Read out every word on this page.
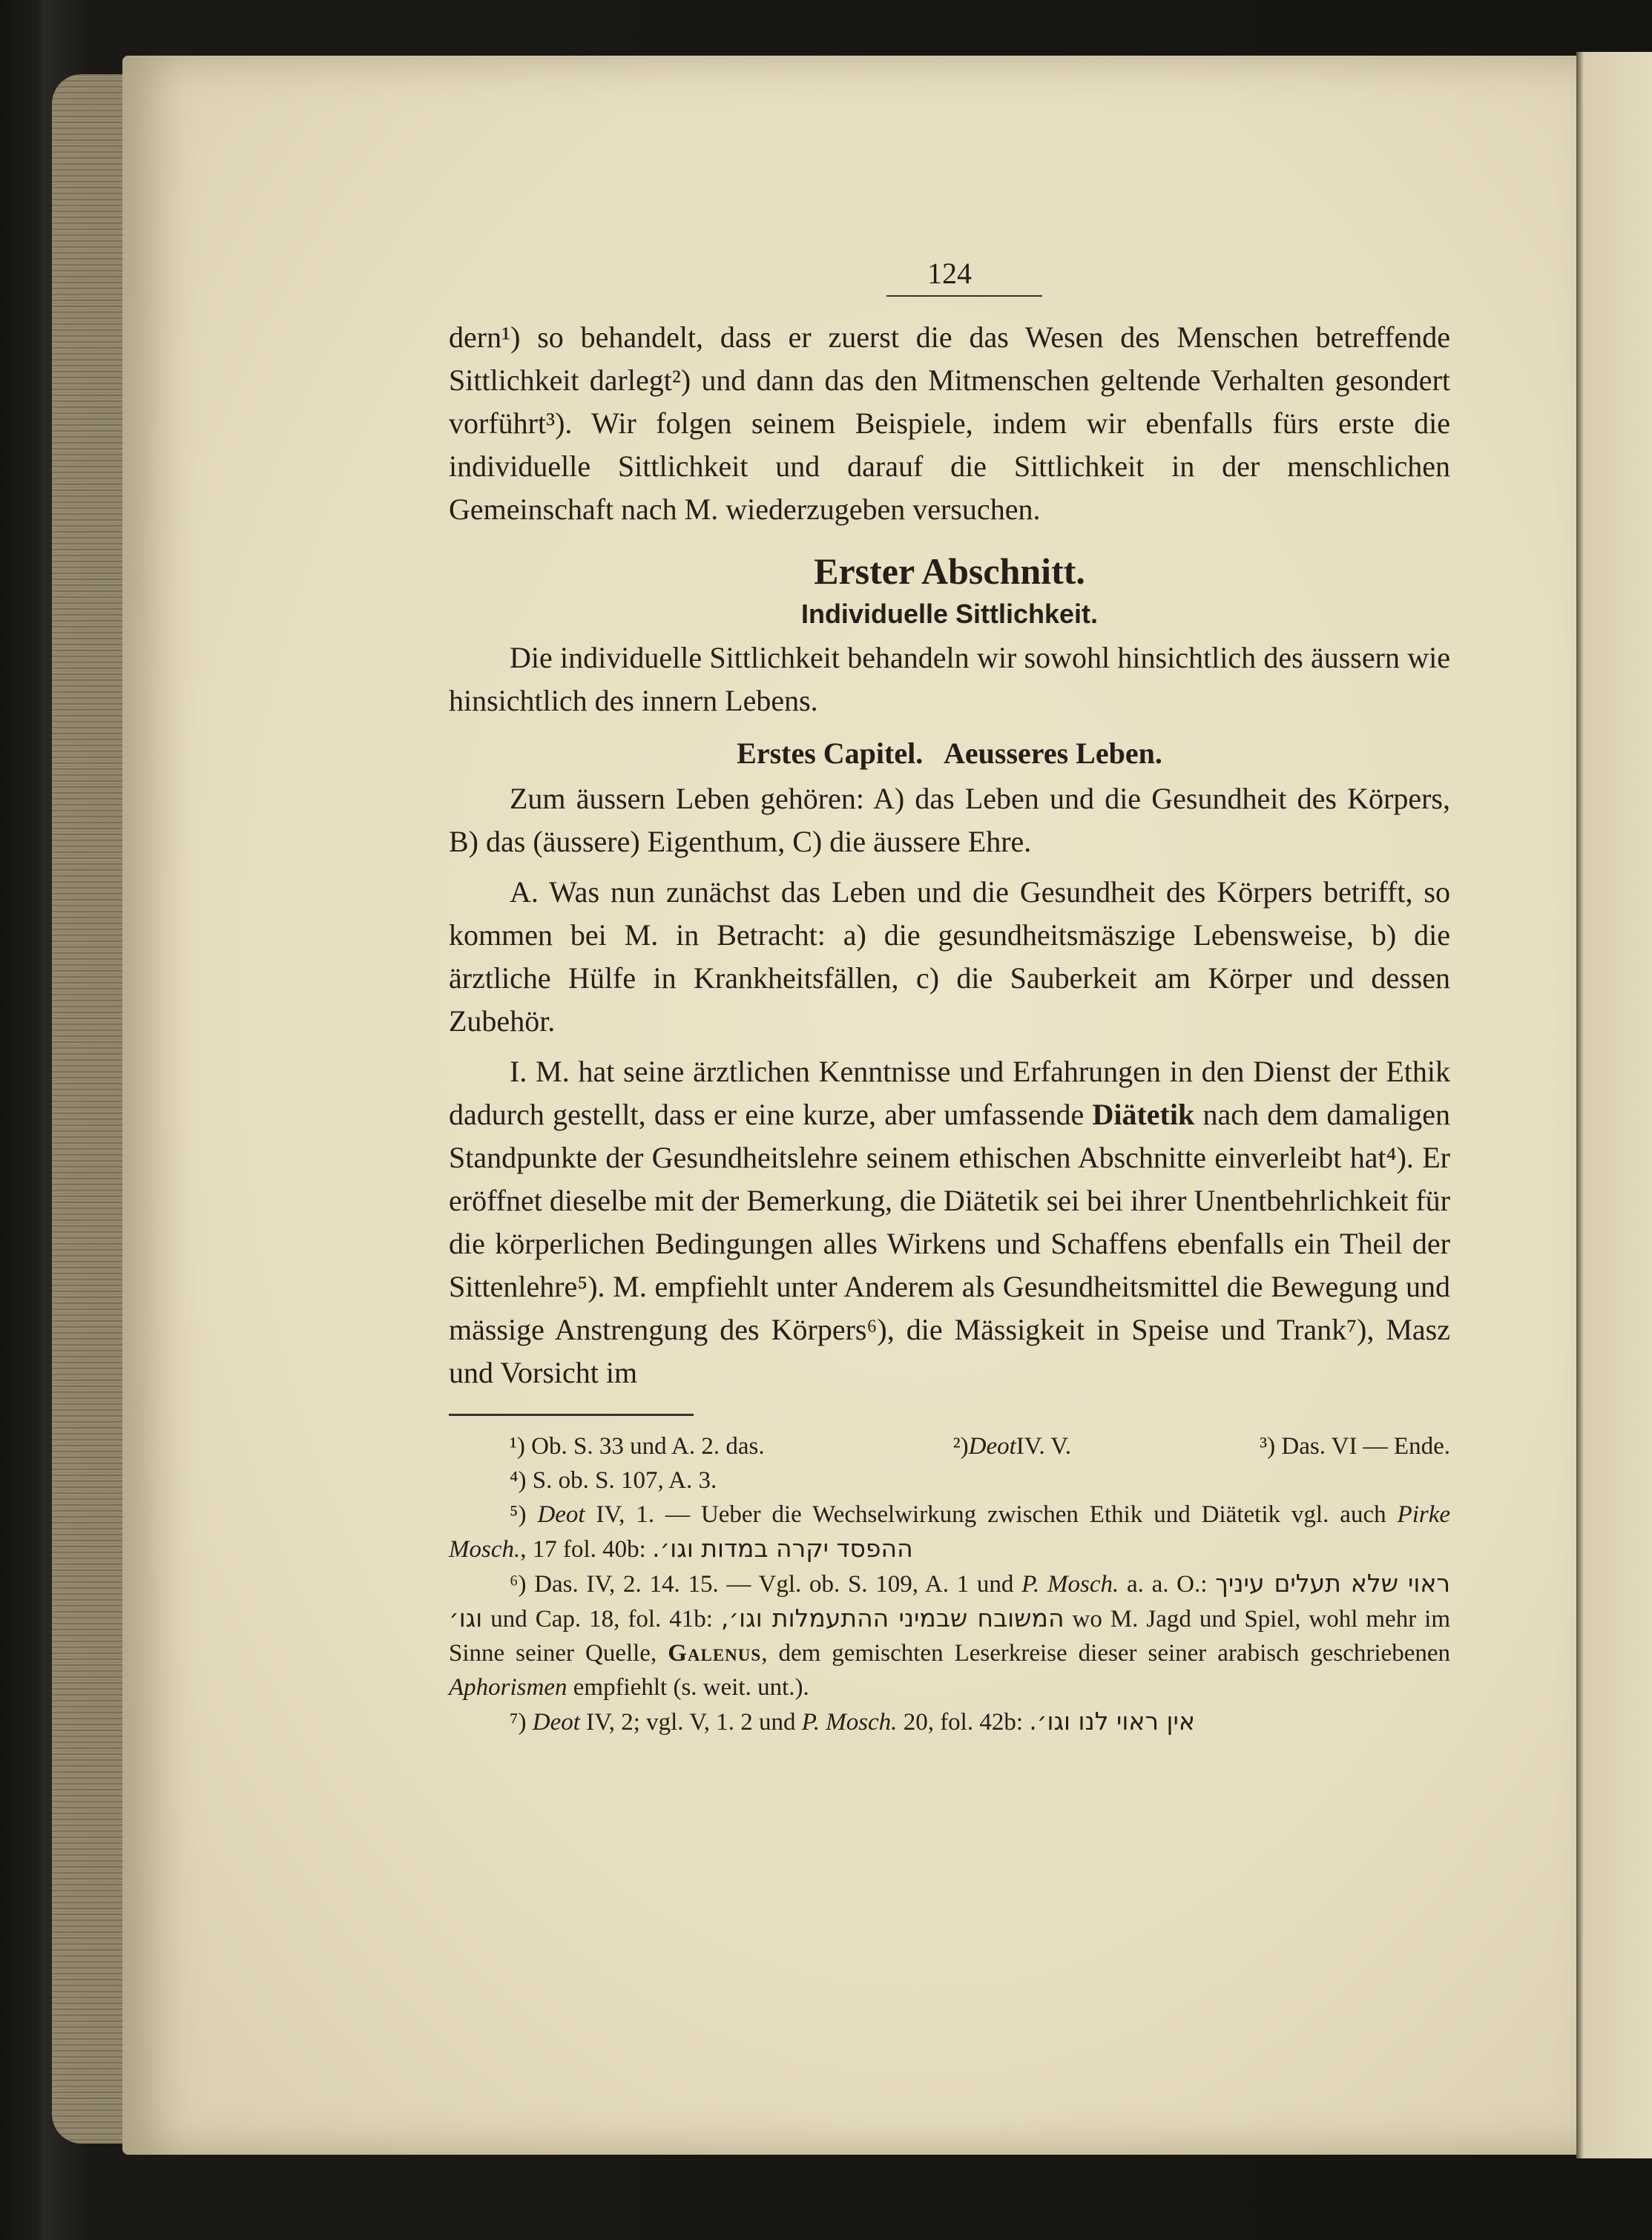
124

dern¹) so behandelt, dass er zuerst die das Wesen des Menschen betreffende Sittlichkeit darlegt²) und dann das den Mitmenschen geltende Verhalten gesondert vorführt³). Wir folgen seinem Beispiele, indem wir ebenfalls fürs erste die individuelle Sittlichkeit und darauf die Sittlichkeit in der menschlichen Gemeinschaft nach M. wiederzugeben versuchen.

Erster Abschnitt.
Individuelle Sittlichkeit.

Die individuelle Sittlichkeit behandeln wir sowohl hinsichtlich des äussern wie hinsichtlich des innern Lebens.

Erstes Capitel.   Aeusseres Leben.

Zum äussern Leben gehören: A) das Leben und die Gesundheit des Körpers, B) das (äussere) Eigenthum, C) die äussere Ehre.

A. Was nun zunächst das Leben und die Gesundheit des Körpers betrifft, so kommen bei M. in Betracht: a) die gesundheitsmäszige Lebensweise, b) die ärztliche Hülfe in Krankheitsfällen, c) die Sauberkeit am Körper und dessen Zubehör.

I. M. hat seine ärztlichen Kenntnisse und Erfahrungen in den Dienst der Ethik dadurch gestellt, dass er eine kurze, aber umfassende Diätetik nach dem damaligen Standpunkte der Gesundheitslehre seinem ethischen Abschnitte einverleibt hat⁴). Er eröffnet dieselbe mit der Bemerkung, die Diätetik sei bei ihrer Unentbehrlichkeit für die körperlichen Bedingungen alles Wirkens und Schaffens ebenfalls ein Theil der Sittenlehre⁵). M. empfiehlt unter Anderem als Gesundheitsmittel die Bewegung und mässige Anstrengung des Körpers⁶), die Mässigkeit in Speise und Trank⁷), Masz und Vorsicht im

¹) Ob. S. 33 und A. 2. das.	²)DeotIV. V.	³) Das. VI — Ende.

⁴) S. ob. S. 107, A. 3.

⁵) Deot IV, 1. — Ueber die Wechselwirkung zwischen Ethik und Diätetik vgl. auch Pirke Mosch., 17 fol. 40b: ההפסד יקרה במדות וגו׳.

⁶) Das. IV, 2. 14. 15. — Vgl. ob. S. 109, A. 1 und P. Mosch. a. a. O.: ראוי שלא תעלים עיניך וגו׳ und Cap. 18, fol. 41b: המשובח שבמיני ההתעמלות וגו׳, wo M. Jagd und Spiel, wohl mehr im Sinne seiner Quelle, Galenus, dem gemischten Leserkreise dieser seiner arabisch geschriebenen Aphorismen empfiehlt (s. weit. unt.).

⁷) Deot IV, 2; vgl. V, 1. 2 und P. Mosch. 20, fol. 42b: אין ראוי לנו וגו׳.
